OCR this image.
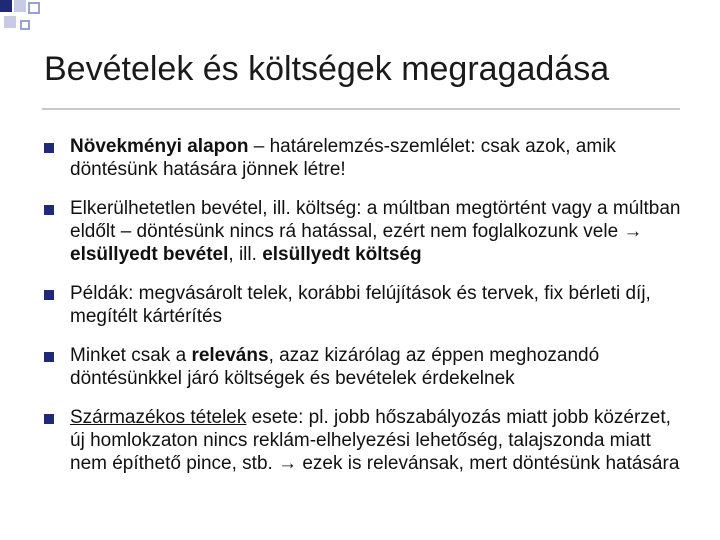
Bevételek és költségek megragadása
Növekményi alapon – határelemzés-szemlélet: csak azok, amik döntésünk hatására jönnek létre!
Elkerülhetetlen bevétel, ill. költség: a múltban megtörtént vagy a múltban eldőlt – döntésünk nincs rá hatással, ezért nem foglalkozunk vele → elsüllyedt bevétel, ill. elsüllyedt költség
Példák: megvásárolt telek, korábbi felújítások és tervek, fix bérleti díj, megítélt kártérítés
Minket csak a releváns, azaz kizárólag az éppen meghozandó döntésünkkel járó költségek és bevételek érdekelnek
Származékos tételek esete: pl. jobb hőszabályozás miatt jobb közérzet, új homlokzaton nincs reklám-elhelyezési lehetőség, talajszonda miatt nem építhető pince, stb. → ezek is relevánsak, mert döntésünk hatására
